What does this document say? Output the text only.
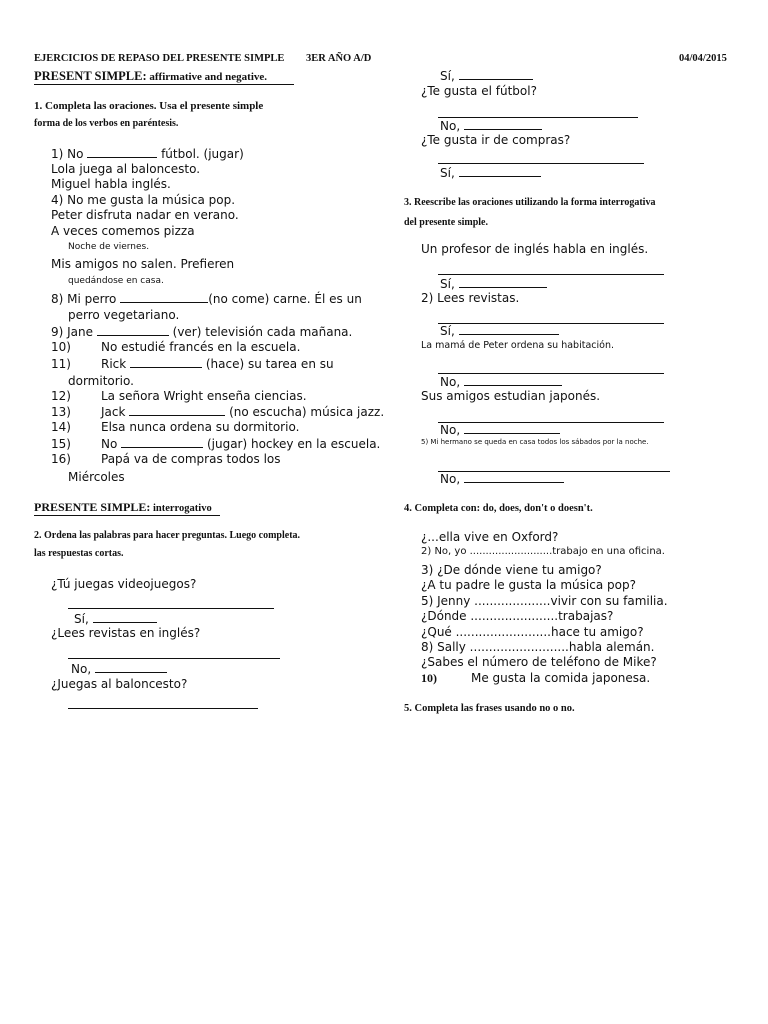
EJERCICIOS DE REPASO DEL PRESENTE SIMPLE 3ER AÑO A/D	04/04/2015
PRESENT SIMPLE: affirmative and negative.
1. Completa las oraciones. Usa el presente simple
forma de los verbos en paréntesis.
1) No	fútbol. (jugar)
Lola juega al baloncesto.
Miguel habla inglés.
4) No me gusta la música pop.
Peter disfruta nadar en verano.
A veces comemos pizza
Noche de viernes.
Mis amigos no salen. Prefieren
quedándose en casa.
8) Mi perro	(no come) carne. Él es un
perro vegetariano.
9) Jane	(ver) televisión cada mañana.
10)	No estudié francés en la escuela.
11)	Rick	(hace) su tarea en su
dormitorio.
12)	La señora Wright enseña ciencias.
13)	Jack	(no escucha) música jazz.
14)	Elsa nunca ordena su dormitorio.
15)	No	(jugar) hockey en la escuela.
16)	Papá va de compras todos los
Miércoles
PRESENTE SIMPLE: interrogativo
2. Ordena las palabras para hacer preguntas. Luego completa.
las respuestas cortas.
¿Tú juegas videojuegos?
Sí,
¿Lees revistas en inglés?
No,
¿Juegas al baloncesto?
Sí,
¿Te gusta el fútbol?
No,
¿Te gusta ir de compras?
Sí,
3. Reescribe las oraciones utilizando la forma interrogativa
del presente simple.
Un profesor de inglés habla en inglés.
Sí,
2) Lees revistas.
Sí,
La mamá de Peter ordena su habitación.
No,
Sus amigos estudian japonés.
No,
5) Mi hermano se queda en casa todos los sábados por la noche.
No,
4. Completa con: do, does, don't o doesn't.
¿...ella vive en Oxford?
2) No, yo ..........................trabajo en una oficina.
3) ¿De dónde viene tu amigo?
¿A tu padre le gusta la música pop?
5) Jenny ....................vivir con su familia.
¿Dónde .......................trabajas?
¿Qué .........................hace tu amigo?
8) Sally ..........................habla alemán.
¿Sabes el número de teléfono de Mike?
10)	Me gusta la comida japonesa.
5. Completa las frases usando no o no.
